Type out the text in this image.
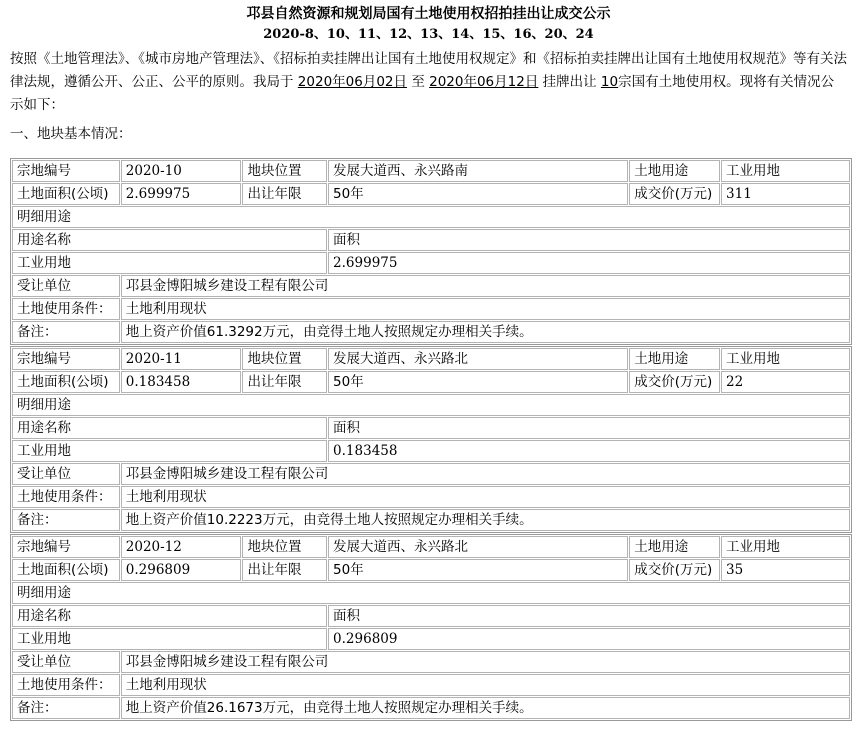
邛县自然资源和规划局国有土地使用权招拍挂出让成交公示
2020-8、10、11、12、13、14、15、16、20、24
按照《土地管理法》、《城市房地产管理法》、《招标拍卖挂牌出让国有土地使用权规定》和《招标拍卖挂牌出让国有土地使用权规范》等有关法律法规，遵循公开、公正、公平的原则。我局于 2020年06月02日 至 2020年06月12日 挂牌出让 10宗国有土地使用权。现将有关情况公示如下：
一、地块基本情况：
宗地编号	2020-10	地块位置	发展大道西、永兴路南	土地用途	工业用地
土地面积(公顷)	2.699975	出让年限	50年	成交价(万元)	311
明细用途					
用途名称			面积		
工业用地			2.699975		
受让单位	邛县金博阳城乡建设工程有限公司				
土地使用条件：	土地利用现状				
备注：	地上资产价值61.3292万元，由竞得土地人按照规定办理相关手续。				
宗地编号	2020-11	地块位置	发展大道西、永兴路北	土地用途	工业用地
土地面积(公顷)	0.183458	出让年限	50年	成交价(万元)	22
明细用途					
用途名称			面积		
工业用地			0.183458		
受让单位	邛县金博阳城乡建设工程有限公司				
土地使用条件：	土地利用现状				
备注：	地上资产价值10.2223万元，由竞得土地人按照规定办理相关手续。				
宗地编号	2020-12	地块位置	发展大道西、永兴路北	土地用途	工业用地
土地面积(公顷)	0.296809	出让年限	50年	成交价(万元)	35
明细用途					
用途名称			面积		
工业用地			0.296809		
受让单位	邛县金博阳城乡建设工程有限公司				
土地使用条件：	土地利用现状				
备注：	地上资产价值26.1673万元，由竞得土地人按照规定办理相关手续。				
